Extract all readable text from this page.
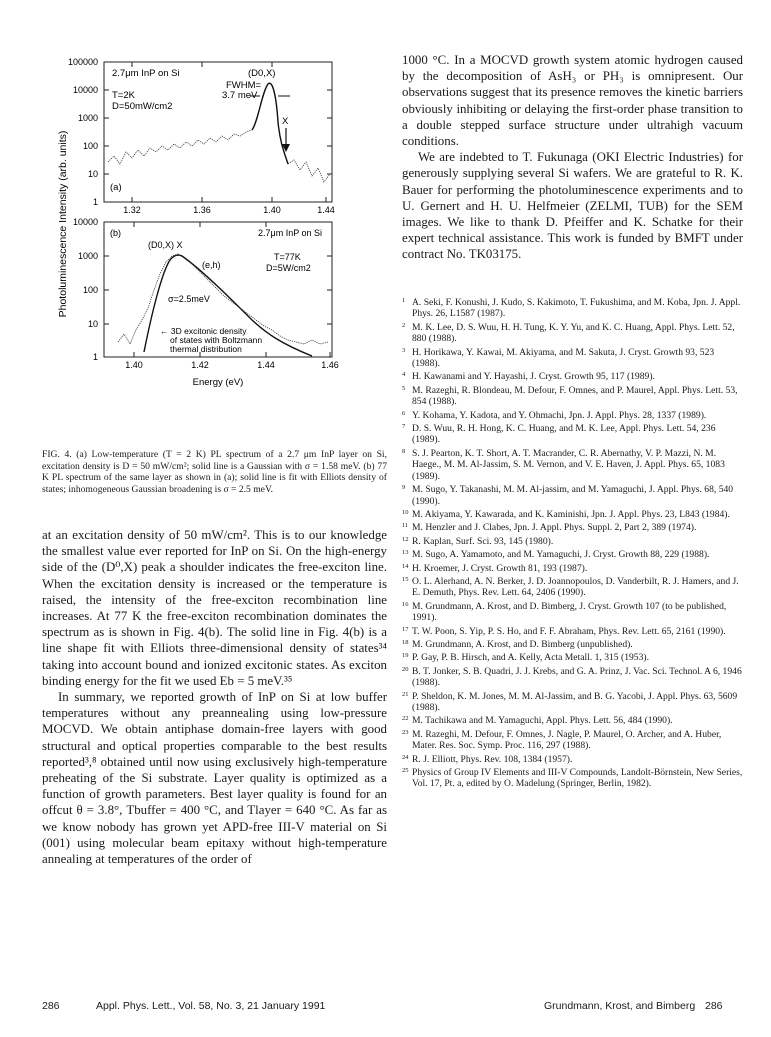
Photoluminescence Intensity (arb. units)
100000
10000
1000
100
10
1
1.32	1.36	1.40	1.44
2.7μm InP on Si
T=2K
D=50mW/cm2
(D0,X)
FWHM=
3.7 meV
X
(a)
10000
1000
100
10
1
1.40	1.42	1.44	1.46
Energy (eV)
(b)	2.7μm InP on Si
(D0,X) X
(e,h)
T=77K
D=5W/cm2
σ=2.5meV
← 3D excitonic density
of states with Boltzmann
thermal distribution
FIG. 4. (a) Low-temperature (T = 2 K) PL spectrum of a 2.7 μm InP layer on Si, excitation density is D = 50 mW/cm²; solid line is a Gaussian with σ = 1.58 meV. (b) 77 K PL spectrum of the same layer as shown in (a); solid line is fit with Elliots density of states; inhomogeneous Gaussian broadening is σ = 2.5 meV.

at an excitation density of 50 mW/cm². This is to our knowledge the smallest value ever reported for InP on Si. On the high-energy side of the (D⁰,X) peak a shoulder indicates the free-exciton line. When the excitation density is increased or the temperature is raised, the intensity of the free-exciton recombination line increases. At 77 K the free-exciton recombination dominates the spectrum as is shown in Fig. 4(b). The solid line in Fig. 4(b) is a line shape fit with Elliots three-dimensional density of states³⁴ taking into account bound and ionized excitonic states. As exciton binding energy for the fit we used Eb = 5 meV.³⁵

In summary, we reported growth of InP on Si at low buffer temperatures without any preannealing using low-pressure MOCVD. We obtain antiphase domain-free layers with good structural and optical properties comparable to the best results reported³,⁸ obtained until now using exclusively high-temperature preheating of the Si substrate. Layer quality is optimized as a function of growth parameters. Best layer quality is found for an offcut θ = 3.8°, Tbuffer = 400 °C, and Tlayer = 640 °C. As far as we know nobody has grown yet APD-free III-V material on Si (001) using molecular beam epitaxy without high-temperature annealing at temperatures of the order of

1000 °C. In a MOCVD growth system atomic hydrogen caused by the decomposition of AsH₃ or PH₃ is omnipresent. Our observations suggest that its presence removes the kinetic barriers obviously inhibiting or delaying the first-order phase transition to a double stepped surface structure under ultrahigh vacuum conditions.

We are indebted to T. Fukunaga (OKI Electric Industries) for generously supplying several Si wafers. We are grateful to R. K. Bauer for performing the photoluminescence experiments and to U. Gernert and H. U. Helfmeier (ZELMI, TUB) for the SEM images. We like to thank D. Pfeiffer and K. Schatke for their expert technical assistance. This work is funded by BMFT under contract No. TK03175.

1 A. Seki, F. Konushi, J. Kudo, S. Kakimoto, T. Fukushima, and M. Koba, Jpn. J. Appl. Phys. 26, L1587 (1987).

2 M. K. Lee, D. S. Wuu, H. H. Tung, K. Y. Yu, and K. C. Huang, Appl. Phys. Lett. 52, 880 (1988).

3 H. Horikawa, Y. Kawai, M. Akiyama, and M. Sakuta, J. Cryst. Growth 93, 523 (1988).

4 H. Kawanami and Y. Hayashi, J. Cryst. Growth 95, 117 (1989).

5 M. Razeghi, R. Blondeau, M. Defour, F. Omnes, and P. Maurel, Appl. Phys. Lett. 53, 854 (1988).

6 Y. Kohama, Y. Kadota, and Y. Ohmachi, Jpn. J. Appl. Phys. 28, 1337 (1989).

7 D. S. Wuu, R. H. Hong, K. C. Huang, and M. K. Lee, Appl. Phys. Lett. 54, 236 (1989).

8 S. J. Pearton, K. T. Short, A. T. Macrander, C. R. Abernathy, V. P. Mazzi, N. M. Haege., M. M. Al-Jassim, S. M. Vernon, and V. E. Haven, J. Appl. Phys. 65, 1083 (1989).

9 M. Sugo, Y. Takanashi, M. M. Al-jassim, and M. Yamaguchi, J. Appl. Phys. 68, 540 (1990).

10 M. Akiyama, Y. Kawarada, and K. Kaminishi, Jpn. J. Appl. Phys. 23, L843 (1984).

11 M. Henzler and J. Clabes, Jpn. J. Appl. Phys. Suppl. 2, Part 2, 389 (1974).

12 R. Kaplan, Surf. Sci. 93, 145 (1980).

13 M. Sugo, A. Yamamoto, and M. Yamaguchi, J. Cryst. Growth 88, 229 (1988).

14 H. Kroemer, J. Cryst. Growth 81, 193 (1987).

15 O. L. Alerhand, A. N. Berker, J. D. Joannopoulos, D. Vanderbilt, R. J. Hamers, and J. E. Demuth, Phys. Rev. Lett. 64, 2406 (1990).

16 M. Grundmann, A. Krost, and D. Bimberg, J. Cryst. Growth 107 (to be published, 1991).

17 T. W. Poon, S. Yip, P. S. Ho, and F. F. Abraham, Phys. Rev. Lett. 65, 2161 (1990).

18 M. Grundmann, A. Krost, and D. Bimberg (unpublished).

19 P. Gay, P. B. Hirsch, and A. Kelly, Acta Metall. 1, 315 (1953).

20 B. T. Jonker, S. B. Quadri, J. J. Krebs, and G. A. Prinz, J. Vac. Sci. Technol. A 6, 1946 (1988).

21 P. Sheldon, K. M. Jones, M. M. Al-Jassim, and B. G. Yacobi, J. Appl. Phys. 63, 5609 (1988).

22 M. Tachikawa and M. Yamaguchi, Appl. Phys. Lett. 56, 484 (1990).

23 M. Razeghi, M. Defour, F. Omnes, J. Nagle, P. Maurel, O. Archer, and A. Huber, Mater. Res. Soc. Symp. Proc. 116, 297 (1988).

24 R. J. Elliott, Phys. Rev. 108, 1384 (1957).

25 Physics of Group IV Elements and III-V Compounds, Landolt-Börnstein, New Series, Vol. 17, Pt. a, edited by O. Madelung (Springer, Berlin, 1982).

286	Appl. Phys. Lett., Vol. 58, No. 3, 21 January 1991	Grundmann, Krost, and Bimberg 286
